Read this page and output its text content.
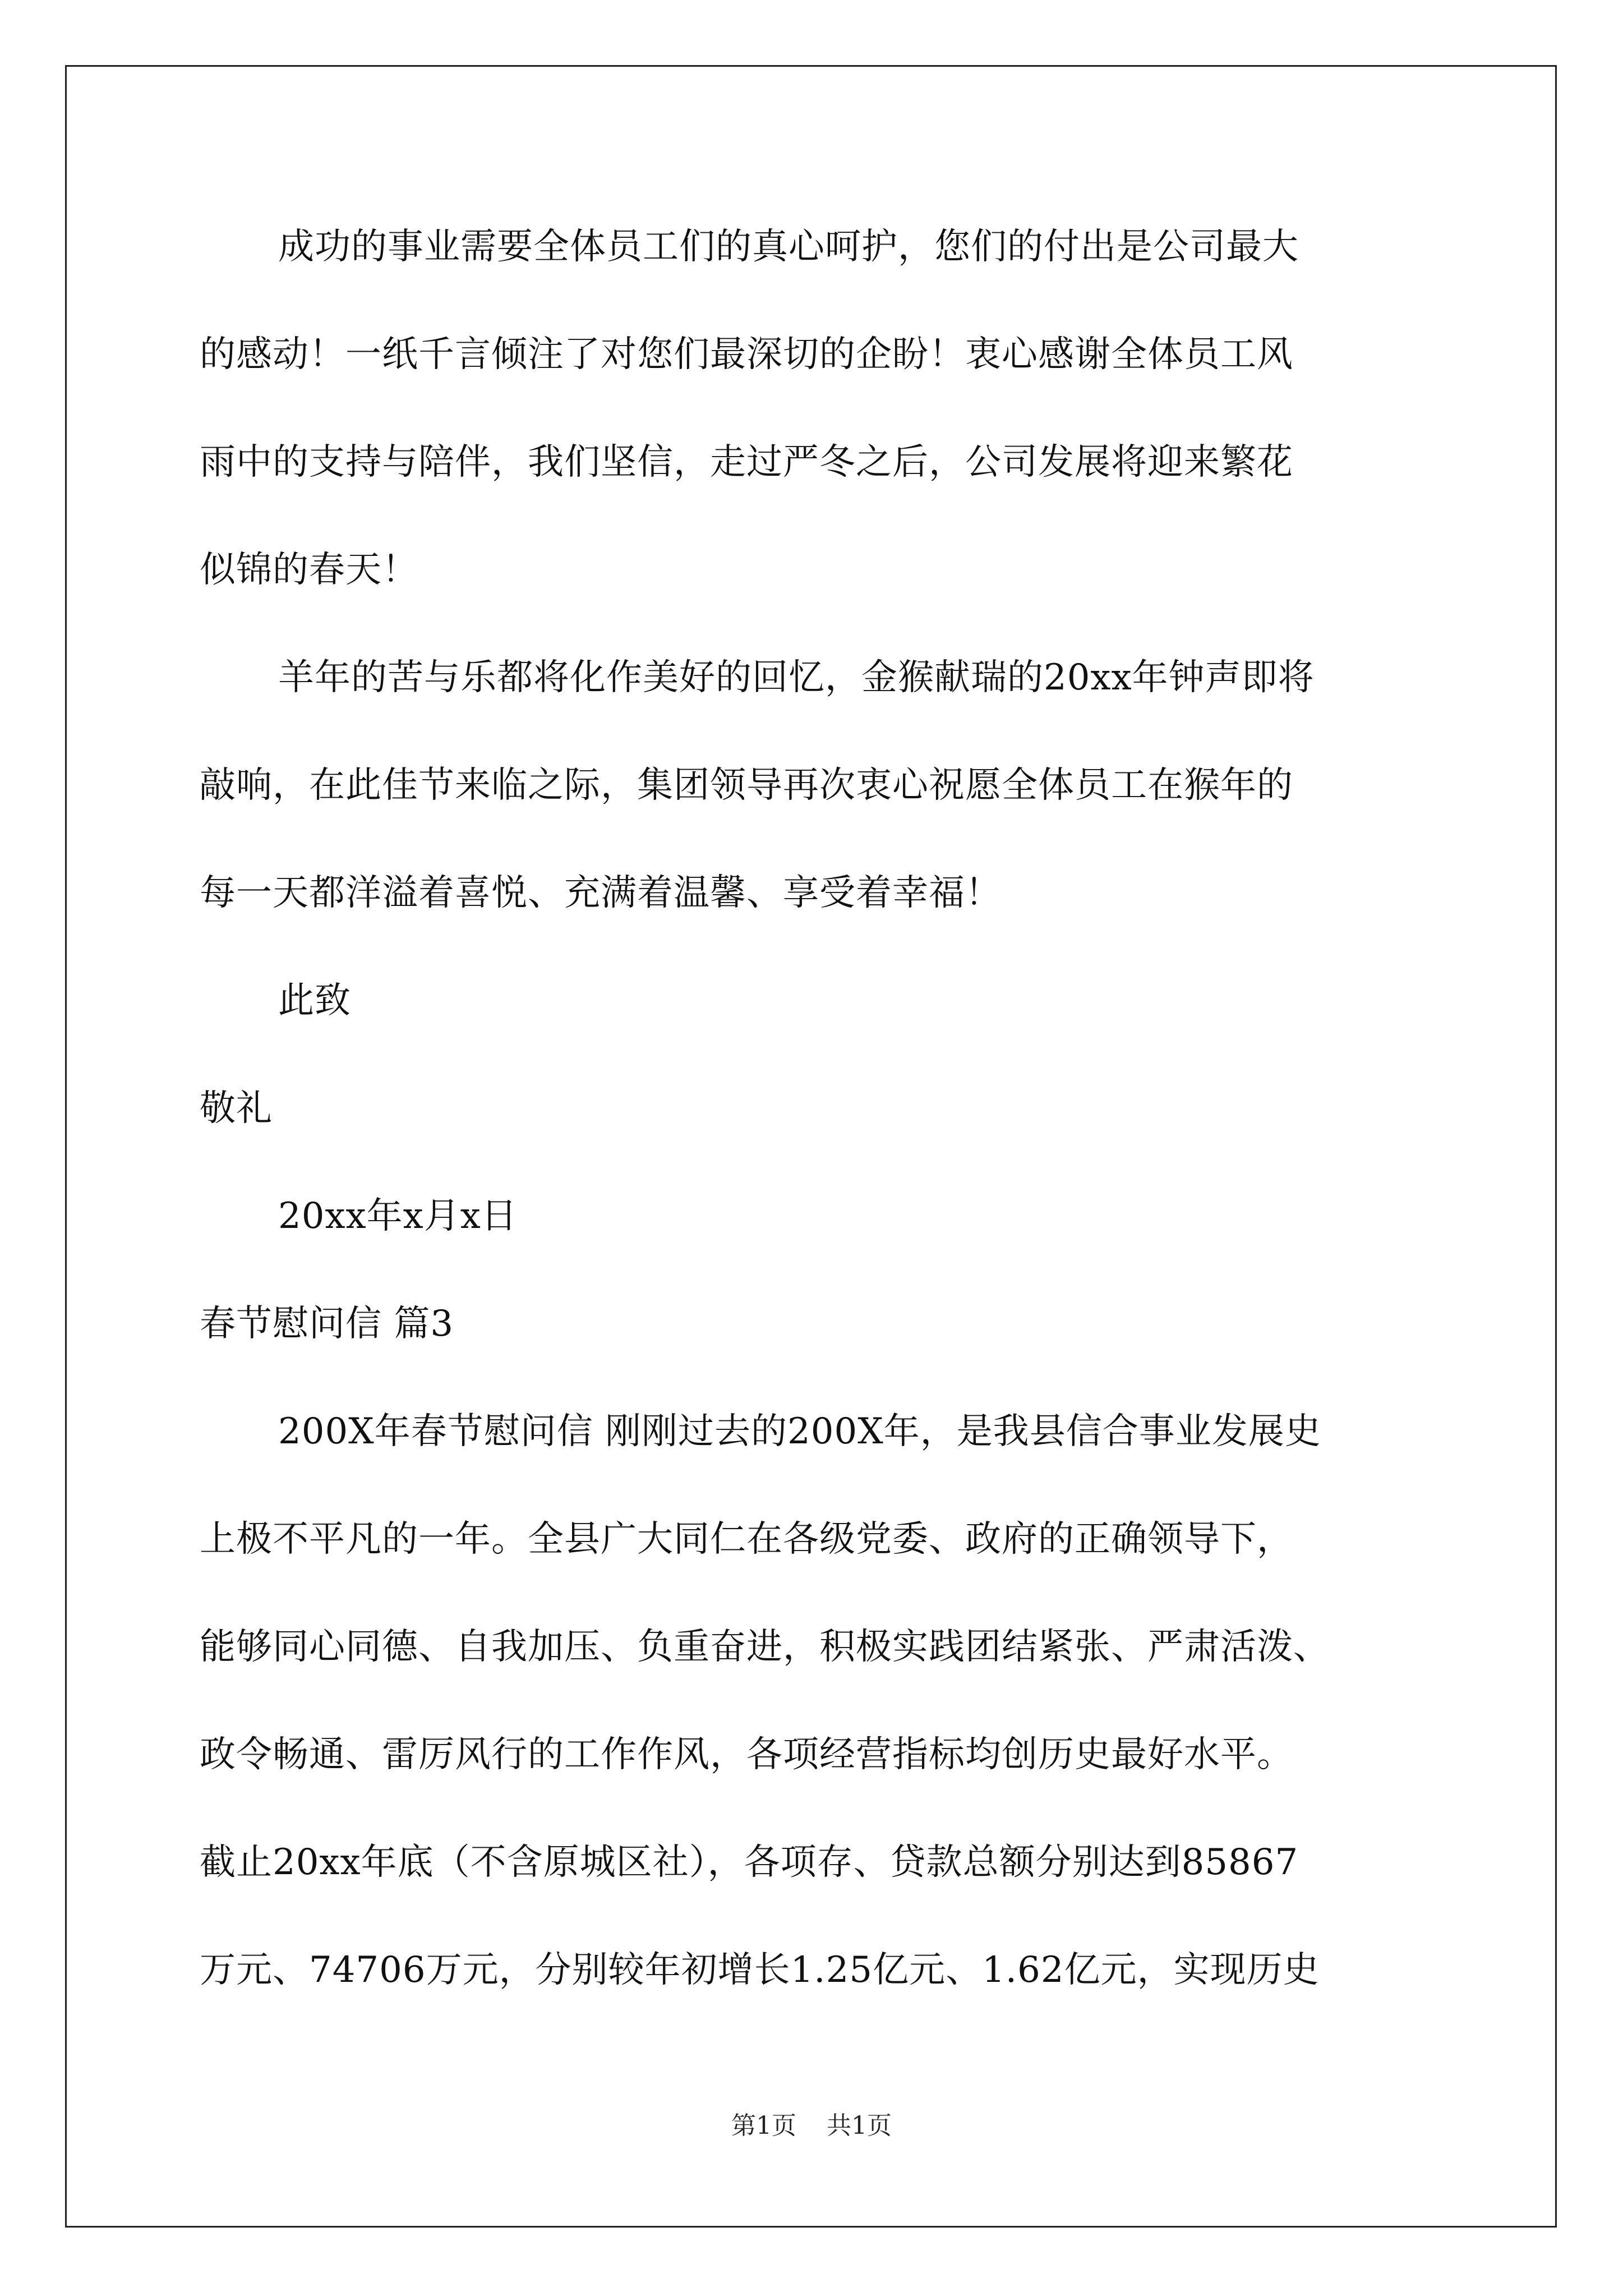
成功的事业需要全体员工们的真心呵护，您们的付出是公司最大
的感动！一纸千言倾注了对您们最深切的企盼！衷心感谢全体员工风
雨中的支持与陪伴，我们坚信，走过严冬之后，公司发展将迎来繁花
似锦的春天！
羊年的苦与乐都将化作美好的回忆，金猴献瑞的20xx年钟声即将
敲响，在此佳节来临之际，集团领导再次衷心祝愿全体员工在猴年的
每一天都洋溢着喜悦、充满着温馨、享受着幸福！
此致
敬礼
20xx年x月x日
春节慰问信 篇3
200X年春节慰问信 刚刚过去的200X年，是我县信合事业发展史
上极不平凡的一年。全县广大同仁在各级党委、政府的正确领导下，
能够同心同德、自我加压、负重奋进，积极实践团结紧张、严肃活泼、
政令畅通、雷厉风行的工作作风，各项经营指标均创历史最好水平。
截止20xx年底（不含原城区社），各项存、贷款总额分别达到85867
万元、74706万元，分别较年初增长1.25亿元、1.62亿元，实现历史
第1页 共1页
